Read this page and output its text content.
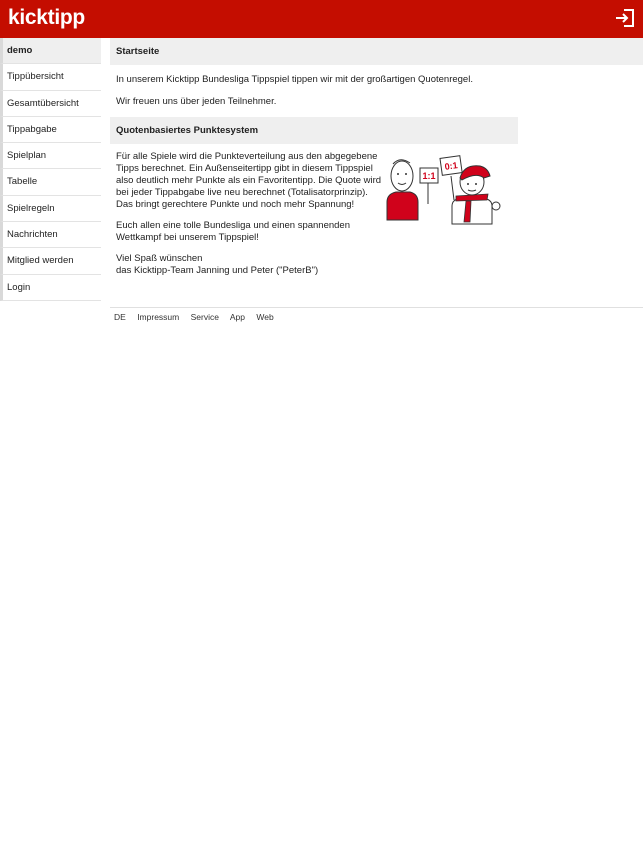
kicktipp
demo
Tippübersicht
Gesamtübersicht
Tippabgabe
Spielplan
Tabelle
Spielregeln
Nachrichten
Mitglied werden
Login
Startseite
In unserem Kicktipp Bundesliga Tippspiel tippen wir mit der großartigen Quotenregel.
Wir freuen uns über jeden Teilnehmer.
Quotenbasiertes Punktesystem
Für alle Spiele wird die Punkteverteilung aus den abgegebene
Tipps berechnet. Ein Außenseitertipp gibt in diesem Tippspiel
also deutlich mehr Punkte als ein Favoritentipp. Die Quote wird
bei jeder Tippabgabe live neu berechnet (Totalisatorprinzip).
Das bringt gerechtere Punkte und noch mehr Spannung!
Euch allen eine tolle Bundesliga und einen spannenden
Wettkampf bei unserem Tippspiel!
Viel Spaß wünschen
das Kicktipp-Team Janning und Peter ("PeterB")
1:1
0:1
DE Impressum Service App Web
